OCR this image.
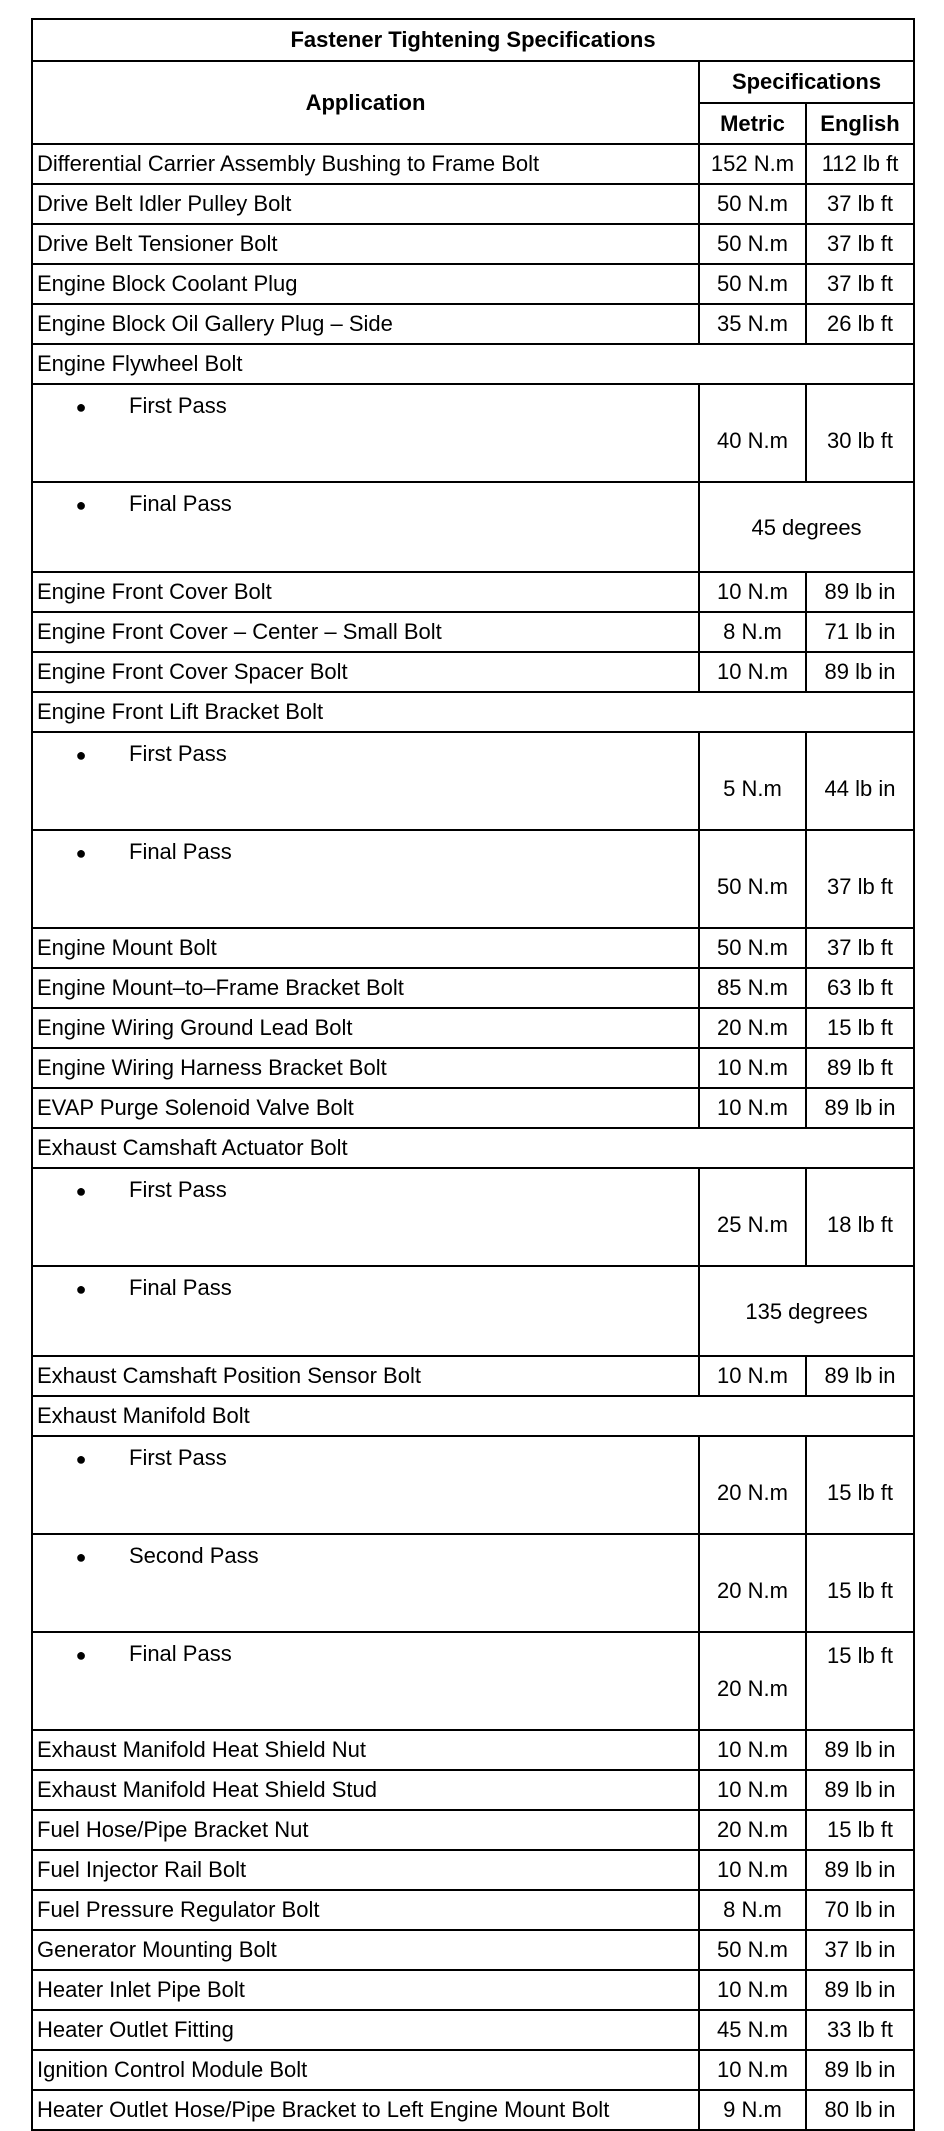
Fastener Tightening Specifications		
Application	Specifications	
	Metric	English
Differential Carrier Assembly Bushing to Frame Bolt	152 N.m	112 lb ft
Drive Belt Idler Pulley Bolt	50 N.m	37 lb ft
Drive Belt Tensioner Bolt	50 N.m	37 lb ft
Engine Block Coolant Plug	50 N.m	37 lb ft
Engine Block Oil Gallery Plug – Side	35 N.m	26 lb ft
Engine Flywheel Bolt		
● First Pass	40 N.m	30 lb ft
● Final Pass	45 degrees	
Engine Front Cover Bolt	10 N.m	89 lb in
Engine Front Cover – Center – Small Bolt	8 N.m	71 lb in
Engine Front Cover Spacer Bolt	10 N.m	89 lb in
Engine Front Lift Bracket Bolt		
● First Pass	5 N.m	44 lb in
● Final Pass	50 N.m	37 lb ft
Engine Mount Bolt	50 N.m	37 lb ft
Engine Mount–to–Frame Bracket Bolt	85 N.m	63 lb ft
Engine Wiring Ground Lead Bolt	20 N.m	15 lb ft
Engine Wiring Harness Bracket Bolt	10 N.m	89 lb ft
EVAP Purge Solenoid Valve Bolt	10 N.m	89 lb in
Exhaust Camshaft Actuator Bolt		
● First Pass	25 N.m	18 lb ft
● Final Pass	135 degrees	
Exhaust Camshaft Position Sensor Bolt	10 N.m	89 lb in
Exhaust Manifold Bolt		
● First Pass	20 N.m	15 lb ft
● Second Pass	20 N.m	15 lb ft
● Final Pass	20 N.m	15 lb ft
Exhaust Manifold Heat Shield Nut	10 N.m	89 lb in
Exhaust Manifold Heat Shield Stud	10 N.m	89 lb in
Fuel Hose/Pipe Bracket Nut	20 N.m	15 lb ft
Fuel Injector Rail Bolt	10 N.m	89 lb in
Fuel Pressure Regulator Bolt	8 N.m	70 lb in
Generator Mounting Bolt	50 N.m	37 lb in
Heater Inlet Pipe Bolt	10 N.m	89 lb in
Heater Outlet Fitting	45 N.m	33 lb ft
Ignition Control Module Bolt	10 N.m	89 lb in
Heater Outlet Hose/Pipe Bracket to Left Engine Mount Bolt	9 N.m	80 lb in
